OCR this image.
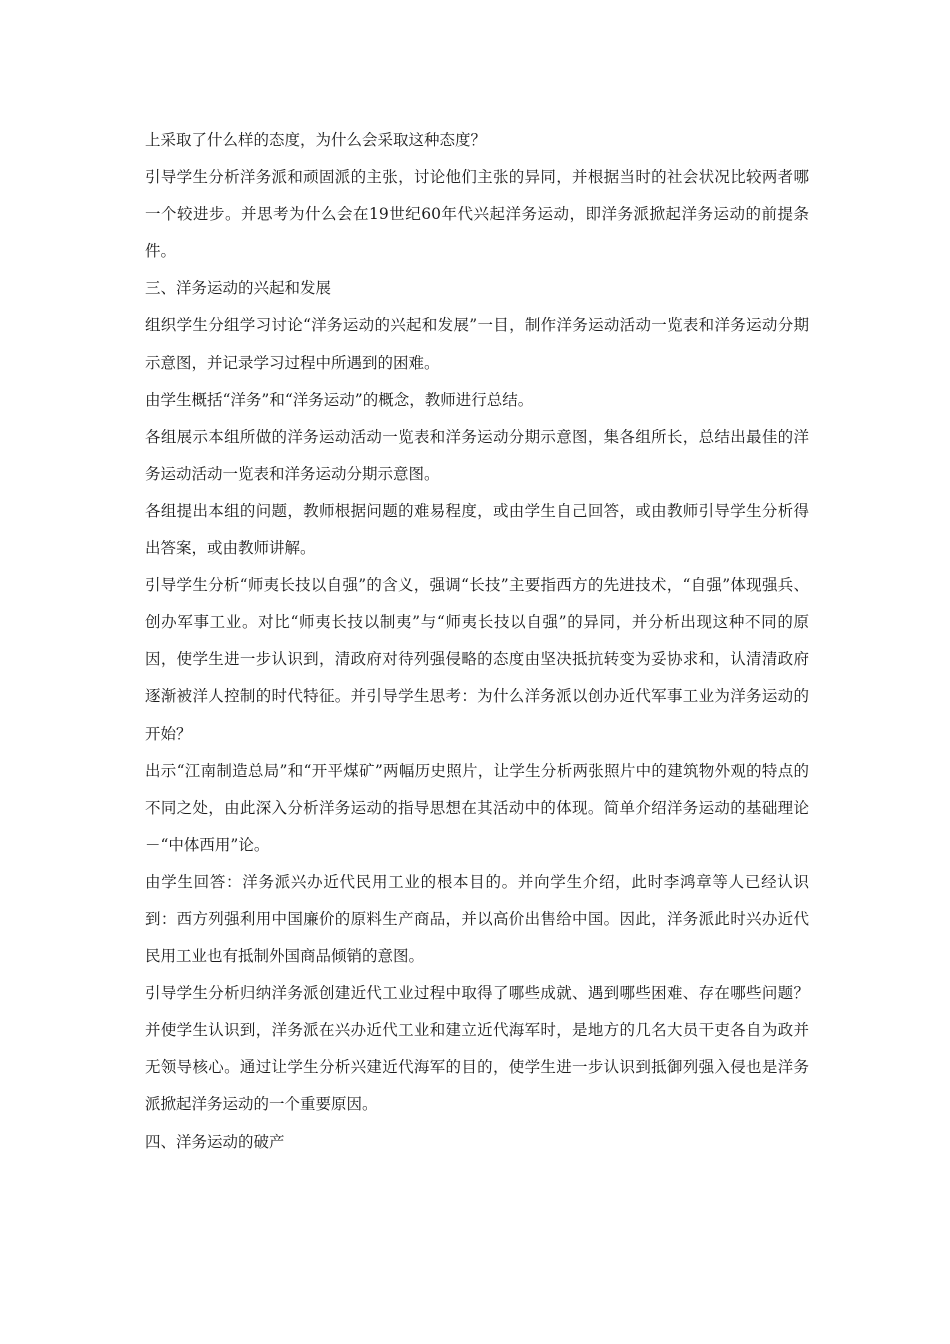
上采取了什么样的态度，为什么会采取这种态度？

引导学生分析洋务派和顽固派的主张，讨论他们主张的异同，并根据当时的社会状况比较两者哪一个较进步。并思考为什么会在19世纪60年代兴起洋务运动，即洋务派掀起洋务运动的前提条件。

三、洋务运动的兴起和发展

组织学生分组学习讨论“洋务运动的兴起和发展”一目，制作洋务运动活动一览表和洋务运动分期示意图，并记录学习过程中所遇到的困难。

由学生概括“洋务”和“洋务运动”的概念，教师进行总结。

各组展示本组所做的洋务运动活动一览表和洋务运动分期示意图，集各组所长，总结出最佳的洋务运动活动一览表和洋务运动分期示意图。

各组提出本组的问题，教师根据问题的难易程度，或由学生自己回答，或由教师引导学生分析得出答案，或由教师讲解。

引导学生分析“师夷长技以自强”的含义，强调“长技”主要指西方的先进技术，“自强”体现强兵、创办军事工业。对比“师夷长技以制夷”与“师夷长技以自强”的异同，并分析出现这种不同的原因，使学生进一步认识到，清政府对待列强侵略的态度由坚决抵抗转变为妥协求和，认清清政府逐渐被洋人控制的时代特征。并引导学生思考：为什么洋务派以创办近代军事工业为洋务运动的开始？

出示“江南制造总局”和“开平煤矿”两幅历史照片，让学生分析两张照片中的建筑物外观的特点的不同之处，由此深入分析洋务运动的指导思想在其活动中的体现。简单介绍洋务运动的基础理论－“中体西用”论。

由学生回答：洋务派兴办近代民用工业的根本目的。并向学生介绍，此时李鸿章等人已经认识到：西方列强利用中国廉价的原料生产商品，并以高价出售给中国。因此，洋务派此时兴办近代民用工业也有抵制外国商品倾销的意图。

引导学生分析归纳洋务派创建近代工业过程中取得了哪些成就、遇到哪些困难、存在哪些问题？并使学生认识到，洋务派在兴办近代工业和建立近代海军时，是地方的几名大员干吏各自为政并无领导核心。通过让学生分析兴建近代海军的目的，使学生进一步认识到抵御列强入侵也是洋务派掀起洋务运动的一个重要原因。

四、洋务运动的破产
